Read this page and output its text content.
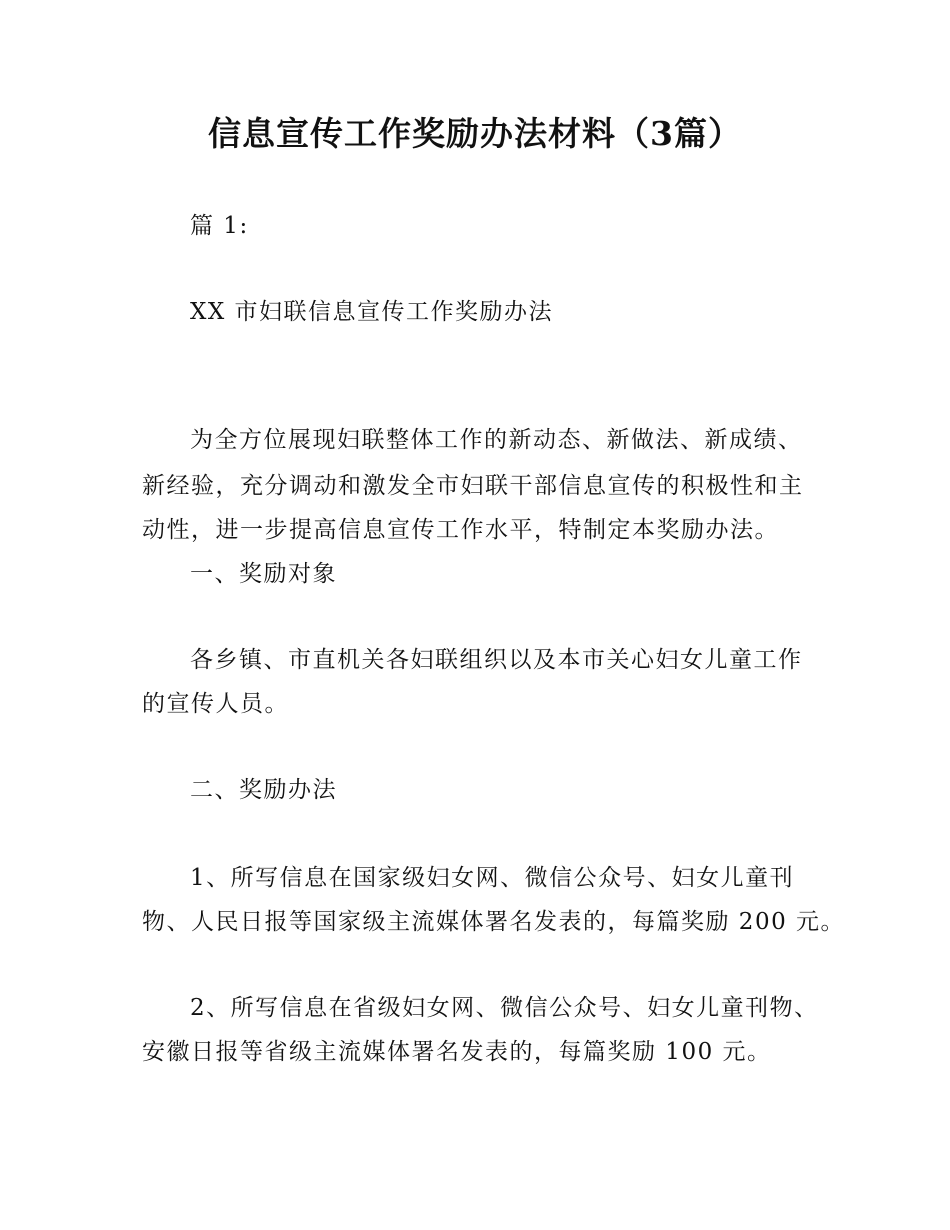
信息宣传工作奖励办法材料（3篇）
篇 1:
XX 市妇联信息宣传工作奖励办法
为全方位展现妇联整体工作的新动态、新做法、新成绩、
新经验，充分调动和激发全市妇联干部信息宣传的积极性和主
动性，进一步提高信息宣传工作水平，特制定本奖励办法。
一、奖励对象
各乡镇、市直机关各妇联组织以及本市关心妇女儿童工作
的宣传人员。
二、奖励办法
1、所写信息在国家级妇女网、微信公众号、妇女儿童刊
物、人民日报等国家级主流媒体署名发表的，每篇奖励 200 元。
2、所写信息在省级妇女网、微信公众号、妇女儿童刊物、
安徽日报等省级主流媒体署名发表的，每篇奖励 100 元。
